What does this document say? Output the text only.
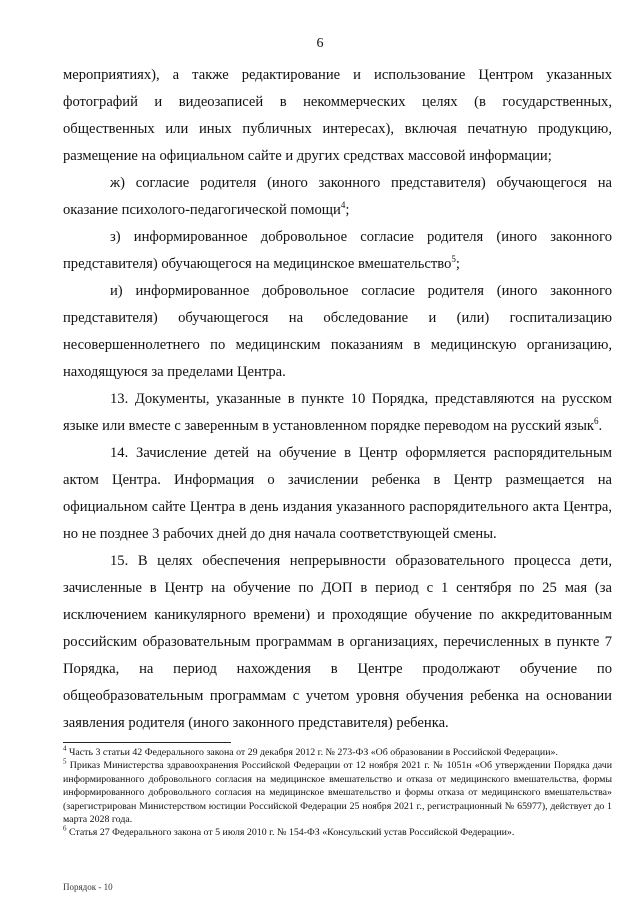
6

мероприятиях), а также редактирование и использование Центром указанных фотографий и видеозаписей в некоммерческих целях (в государственных, общественных или иных публичных интересах), включая печатную продукцию, размещение на официальном сайте и других средствах массовой информации;

ж) согласие родителя (иного законного представителя) обучающегося на оказание психолого-педагогической помощи$^4$;

з) информированное добровольное согласие родителя (иного законного представителя) обучающегося на медицинское вмешательство$^5$;

и) информированное добровольное согласие родителя (иного законного представителя) обучающегося на обследование и (или) госпитализацию несовершеннолетнего по медицинским показаниям в медицинскую организацию, находящуюся за пределами Центра.

13. Документы, указанные в пункте 10 Порядка, представляются на русском языке или вместе с заверенным в установленном порядке переводом на русский язык$^6$.

14. Зачисление детей на обучение в Центр оформляется распорядительным актом Центра. Информация о зачислении ребенка в Центр размещается на официальном сайте Центра в день издания указанного распорядительного акта Центра, но не позднее 3 рабочих дней до дня начала соответствующей смены.

15. В целях обеспечения непрерывности образовательного процесса дети, зачисленные в Центр на обучение по ДОП в период с 1 сентября по 25 мая (за исключением каникулярного времени) и проходящие обучение по аккредитованным российским образовательным программам в организациях, перечисленных в пункте 7 Порядка, на период нахождения в Центре продолжают обучение по общеобразовательным программам с учетом уровня обучения ребенка на основании заявления родителя (иного законного представителя) ребенка.

$^4$ Часть 3 статьи 42 Федерального закона от 29 декабря 2012 г. № 273-ФЗ «Об образовании в Российской Федерации».

$^5$ Приказ Министерства здравоохранения Российской Федерации от 12 ноября 2021 г. № 1051н «Об утверждении Порядка дачи информированного добровольного согласия на медицинское вмешательство и отказа от медицинского вмешательства, формы информированного добровольного согласия на медицинское вмешательство и формы отказа от медицинского вмешательства» (зарегистрирован Министерством юстиции Российской Федерации 25 ноября 2021 г., регистрационный № 65977), действует до 1 марта 2028 года.

$^6$ Статья 27 Федерального закона от 5 июля 2010 г. № 154-ФЗ «Консульский устав Российской Федерации».

Порядок - 10
